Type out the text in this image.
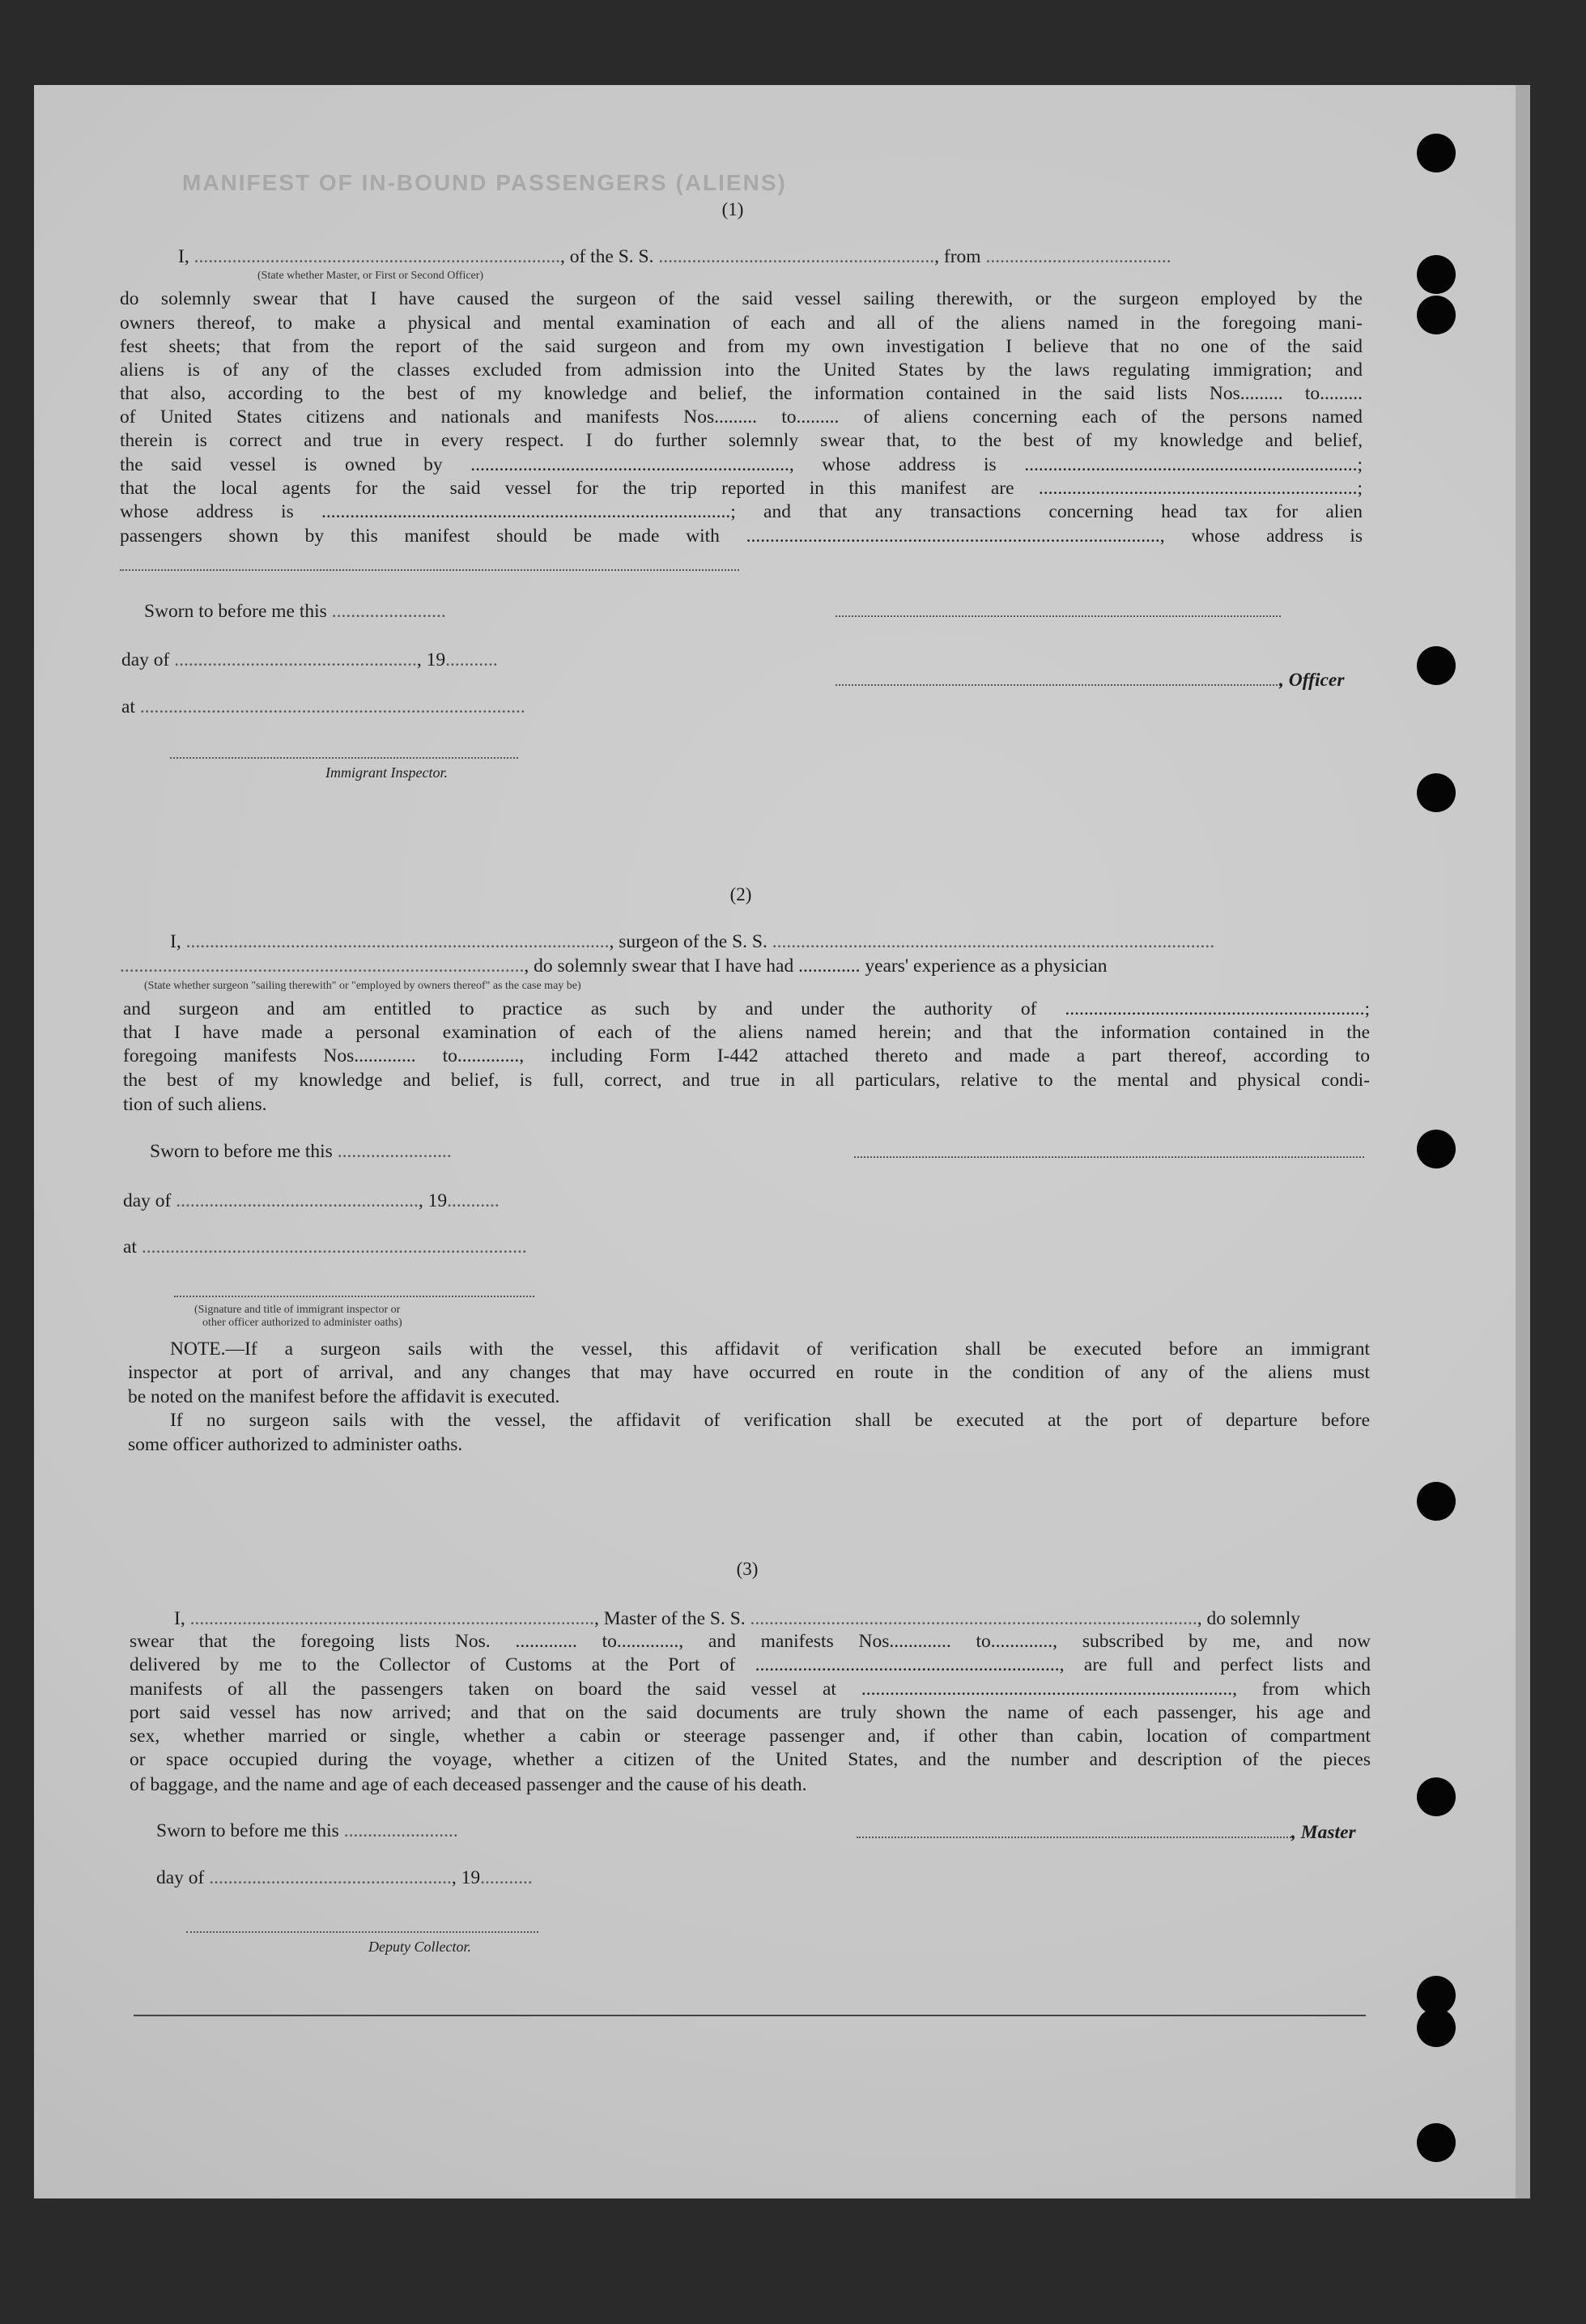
MANIFEST OF IN-BOUND PASSENGERS (ALIENS)
(1)
I, ............................................................................., of the S. S. .........................................................., from .......................................
(State whether Master, or First or Second Officer)
do solemnly swear that I have caused the surgeon of the said vessel sailing therewith, or the surgeon employed by the
owners thereof, to make a physical and mental examination of each and all of the aliens named in the foregoing mani-
fest sheets; that from the report of the said surgeon and from my own investigation I believe that no one of the said
aliens is of any of the classes excluded from admission into the United States by the laws regulating immigration; and
that also, according to the best of my knowledge and belief, the information contained in the said lists Nos......... to.........
of United States citizens and nationals and manifests Nos......... to......... of aliens concerning each of the persons named
therein is correct and true in every respect. I do further solemnly swear that, to the best of my knowledge and belief,
the said vessel is owned by ..................................................................., whose address is ......................................................................;
that the local agents for the said vessel for the trip reported in this manifest are ...................................................................;
whose address is ......................................................................................; and that any transactions concerning head tax for alien
passengers shown by this manifest should be made with ......................................................................................., whose address is
Sworn to before me this ........................
day of ..................................................., 19...........
, Officer
at .................................................................................
Immigrant Inspector.
(2)
I, ........................................................................................., surgeon of the S. S. .............................................................................................
....................................................................................., do solemnly swear that I have had ............. years' experience as a physician
(State whether surgeon "sailing therewith" or "employed by owners thereof" as the case may be)
and surgeon and am entitled to practice as such by and under the authority of ...............................................................;
that I have made a personal examination of each of the aliens named herein; and that the information contained in the
foregoing manifests Nos............. to............., including Form I-442 attached thereto and made a part thereof, according to
the best of my knowledge and belief, is full, correct, and true in all particulars, relative to the mental and physical condi-
tion of such aliens.
Sworn to before me this ........................
day of ..................................................., 19...........
at .................................................................................
(Signature and title of immigrant inspector or
other officer authorized to administer oaths)
NOTE.—If a surgeon sails with the vessel, this affidavit of verification shall be executed before an immigrant
inspector at port of arrival, and any changes that may have occurred en route in the condition of any of the aliens must
be noted on the manifest before the affidavit is executed.
If no surgeon sails with the vessel, the affidavit of verification shall be executed at the port of departure before
some officer authorized to administer oaths.
(3)
I, ....................................................................................., Master of the S. S. .............................................................................................., do solemnly
swear that the foregoing lists Nos. ............. to............., and manifests Nos............. to............., subscribed by me, and now
delivered by me to the Collector of Customs at the Port of ................................................................, are full and perfect lists and
manifests of all the passengers taken on board the said vessel at .............................................................................., from which
port said vessel has now arrived; and that on the said documents are truly shown the name of each passenger, his age and
sex, whether married or single, whether a cabin or steerage passenger and, if other than cabin, location of compartment
or space occupied during the voyage, whether a citizen of the United States, and the number and description of the pieces
of baggage, and the name and age of each deceased passenger and the cause of his death.
Sworn to before me this ........................	, Master
day of ..................................................., 19...........
Deputy Collector.
